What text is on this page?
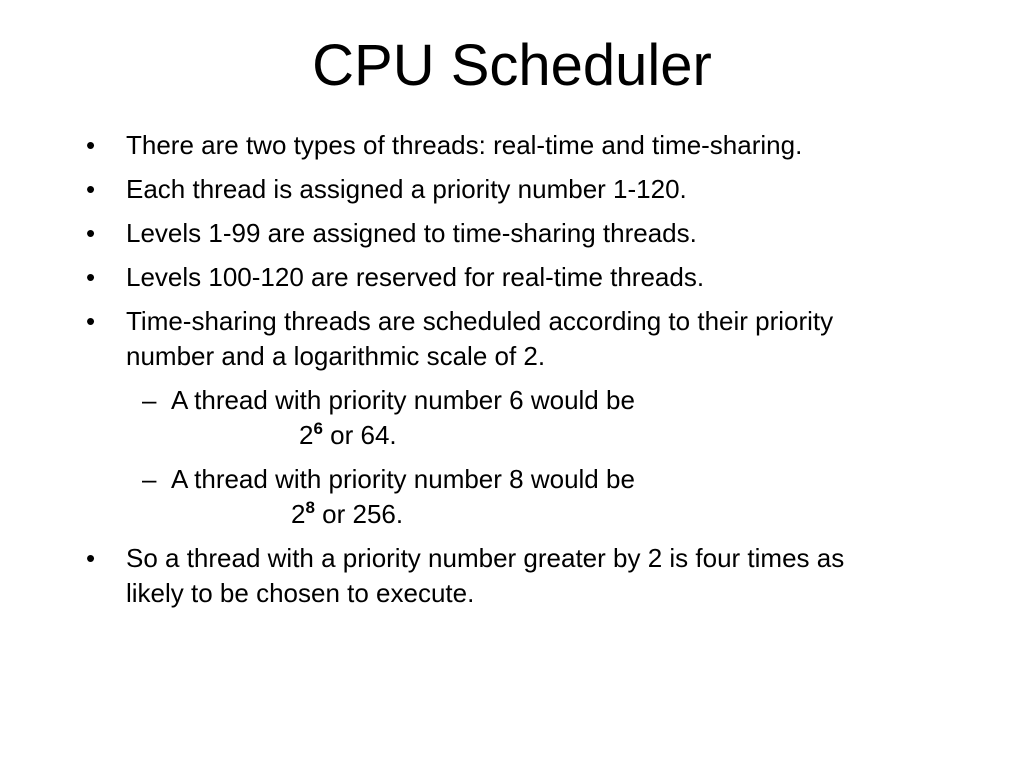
CPU Scheduler
• There are two types of threads: real-time and time-sharing.
• Each thread is assigned a priority number 1-120.
• Levels 1-99 are assigned to time-sharing threads.
• Levels 100-120 are reserved for real-time threads.
• Time-sharing threads are scheduled according to their priority number and a logarithmic scale of 2.
– A thread with priority number 6 would be
$2^6$ or 64.
– A thread with priority number 8 would be
$2^8$ or 256.
• So a thread with a priority number greater by 2 is four times as likely to be chosen to execute.
